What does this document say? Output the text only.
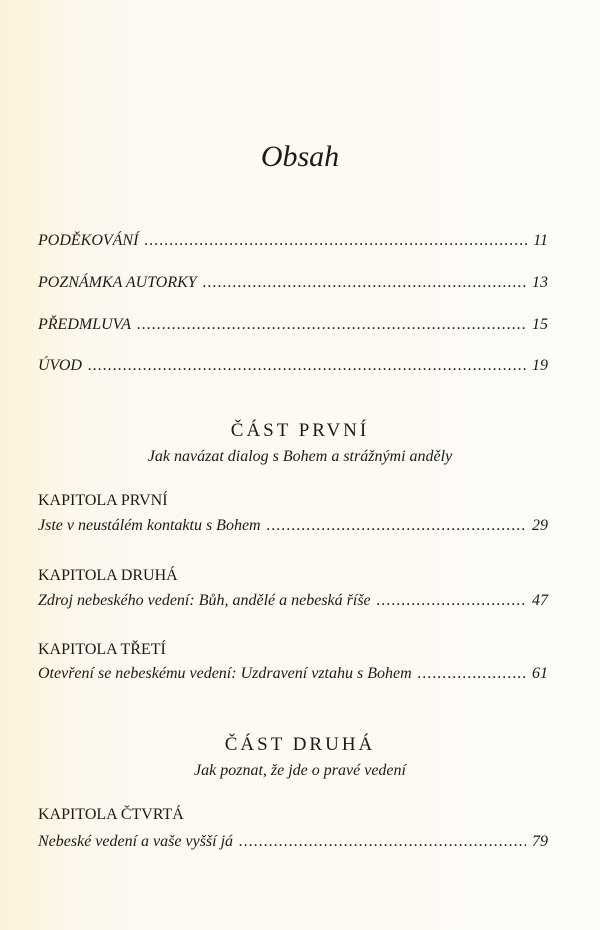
Obsah
PODĚKOVÁNÍ .....	11
POZNÁMKA AUTORKY .....	13
PŘEDMLUVA .....	15
ÚVOD .....	19
ČÁST PRVNÍ
Jak navázat dialog s Bohem a strážnými anděly
KAPITOLA PRVNÍ
Jste v neustálém kontaktu s Bohem .....	29
KAPITOLA DRUHÁ
Zdroj nebeského vedení: Bůh, andělé a nebeská říše .....	47
KAPITOLA TŘETÍ
Otevření se nebeskému vedení: Uzdravení vztahu s Bohem .....	61
ČÁST DRUHÁ
Jak poznat, že jde o pravé vedení
KAPITOLA ČTVRTÁ
Nebeské vedení a vaše vyšší já .....	79
